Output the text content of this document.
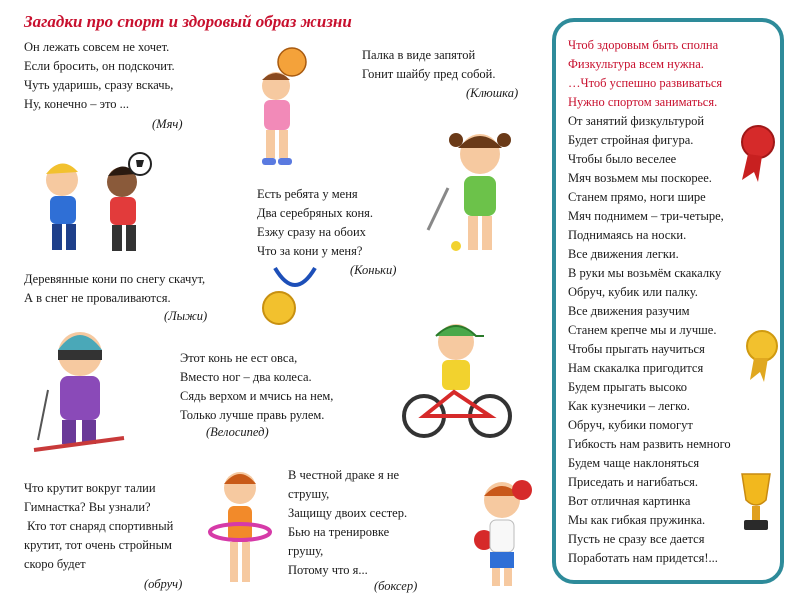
Загадки про спорт и здоровый образ жизни
Он лежать совсем не хочет.
Если бросить, он подскочит.
Чуть ударишь, сразу вскачь,
Ну, конечно – это ...
(Мяч)
Палка в виде запятой
Гонит шайбу пред собой.
(Клюшка)
Есть ребята у меня
Два серебряных коня.
Езжу сразу на обоих
Что за кони у меня?
(Коньки)
Деревянные кони по снегу скачут,
А в снег не проваливаются.
(Лыжи)
Этот конь не ест овса,
Вместо ног – два колеса.
Сядь верхом и мчись на нем,
Только лучше правь рулем.
(Велосипед)
Что крутит вокруг талии
Гимнастка? Вы узнали?
Кто тот снаряд спортивный
крутит, тот очень стройным
скоро будет
(обруч)
В честной драке я не
струшу,
Защищу двоих сестер.
Бью на тренировке
грушу,
Потому что я...
(боксер)
Чтоб здоровым быть сполна
Физкультура всем нужна.
…Чтоб успешно развиваться
Нужно спортом заниматься.
От занятий физкультурой
Будет стройная фигура.
Чтобы было веселее
Мяч возьмем мы поскорее.
Станем прямо, ноги шире
Мяч поднимем – три-четыре,
Поднимаясь на носки.
Все движения легки.
В руки мы возьмём скакалку
Обруч, кубик или палку.
Все движения разучим
Станем крепче мы и лучше.
Чтобы прыгать научиться
Нам скакалка пригодится
Будем прыгать высоко
Как кузнечики – легко.
Обруч, кубики помогут
Гибкость нам развить немного
Будем чаще наклоняться
Приседать и нагибаться.
Вот отличная картинка
Мы как гибкая пружинка.
Пусть не сразу все дается
Поработать нам придется!...
